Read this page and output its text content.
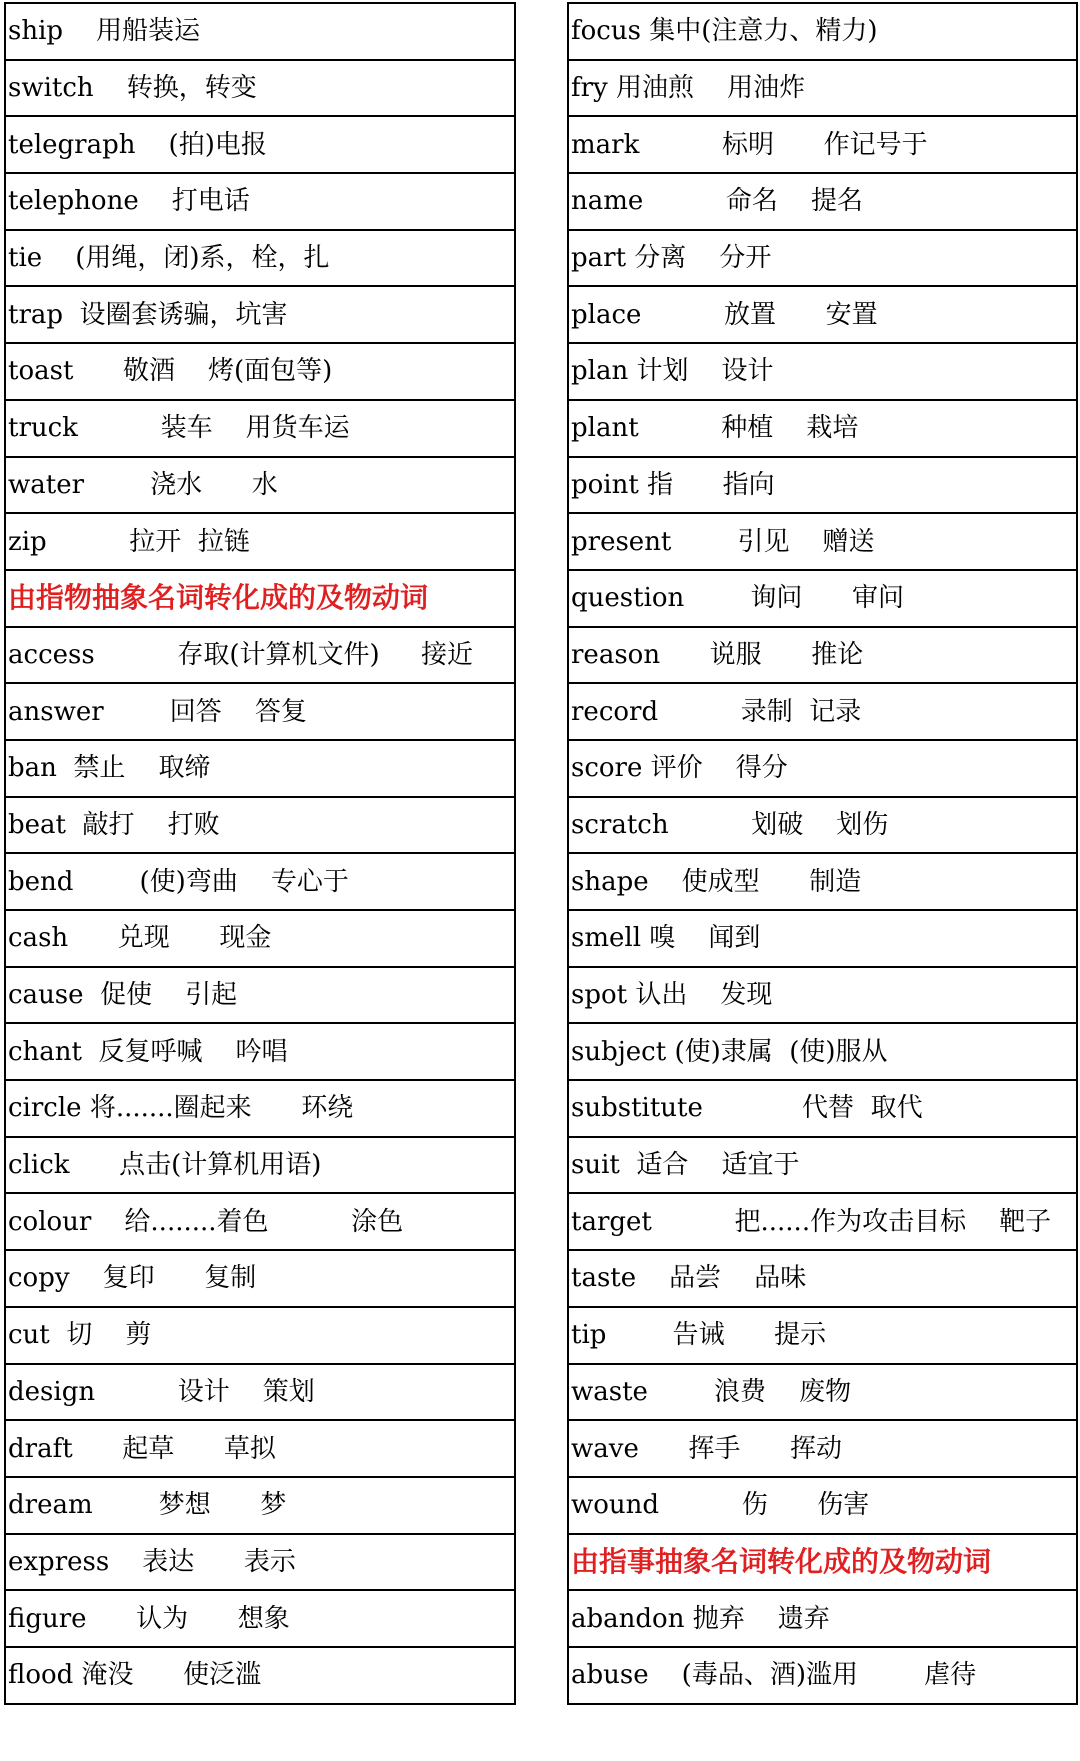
ship    用船装运
switch    转换，转变
telegraph    (拍)电报
telephone    打电话
tie    (用绳，闭)系，栓，扎
trap  设圈套诱骗，坑害
toast      敬酒    烤(面包等)
truck          装车    用货车运
water        浇水      水
zip          拉开  拉链
由指物抽象名词转化成的及物动词
access          存取(计算机文件)     接近
answer        回答    答复
ban  禁止    取缔
beat  敲打    打败
bend        (使)弯曲    专心于
cash      兑现      现金
cause  促使    引起
chant  反复呼喊    吟唱
circle 将.......圈起来      环绕
click      点击(计算机用语)
colour    给........着色          涂色
copy    复印      复制
cut  切    剪
design          设计    策划
draft      起草      草拟
dream        梦想      梦
express    表达      表示
figure      认为      想象
flood 淹没      使泛滥
focus 集中(注意力、精力)
fry 用油煎    用油炸
mark          标明      作记号于
name          命名    提名
part 分离    分开
place          放置      安置
plan 计划    设计
plant          种植    栽培
point 指      指向
present        引见    赠送
question        询问      审问
reason      说服      推论
record          录制  记录
score 评价    得分
scratch          划破    划伤
shape    使成型      制造
smell 嗅    闻到
spot 认出    发现
subject (使)隶属  (使)服从
substitute            代替  取代
suit  适合    适宜于
target          把......作为攻击目标    靶子
taste    品尝    品味
tip        告诫      提示
waste        浪费    废物
wave      挥手      挥动
wound          伤      伤害
由指事抽象名词转化成的及物动词
abandon 抛弃    遗弃
abuse    (毒品、酒)滥用        虐待
